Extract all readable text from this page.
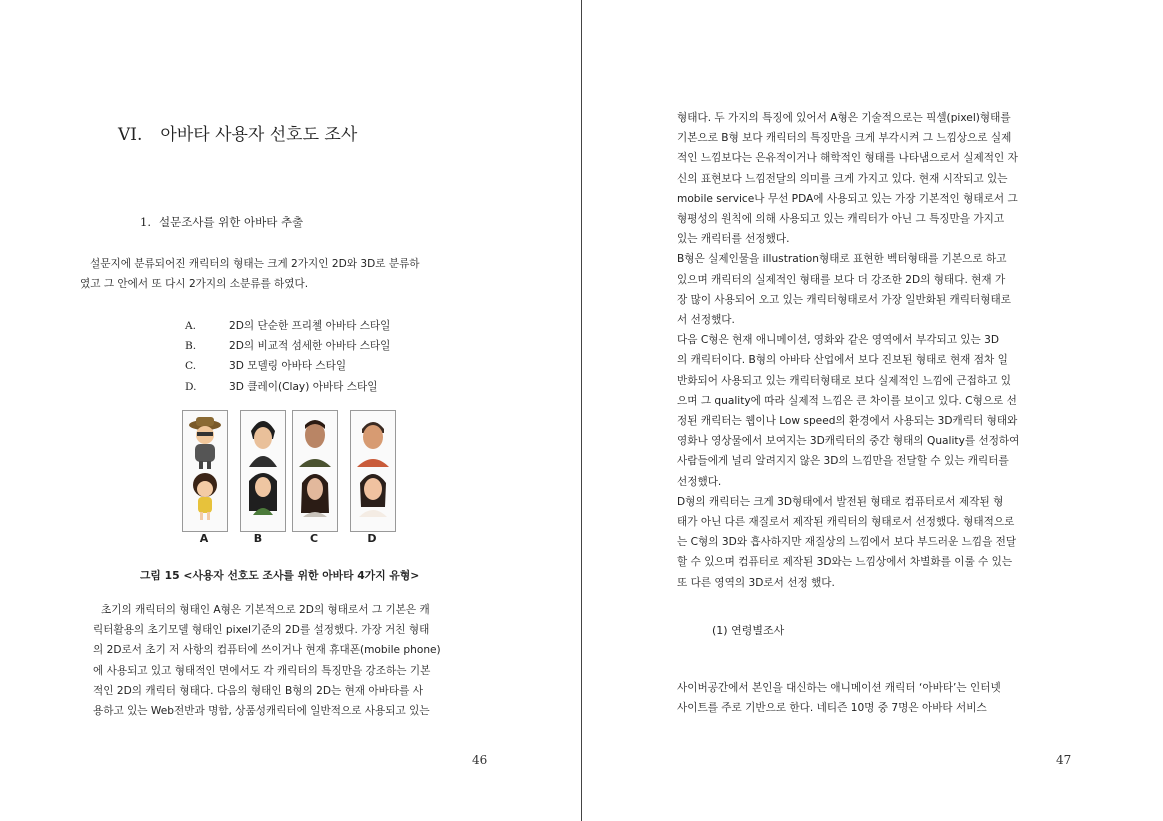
VI. 아바타 사용자 선호도 조사
1. 설문조사를 위한 아바타 추출

설문지에 분류되어진 캐릭터의 형태는 크게 2가지인 2D와 3D로 분류하

였고 그 안에서 또 다시 2가지의 소분류를 하였다.

A.	2D의 단순한 프리첼 아바타 스타일
B.	2D의 비교적 섬세한 아바타 스타일
C.	3D 모델링 아바타 스타일
D.	3D 클레이(Clay) 아바타 스타일
A	B	C	D
그림 15 <사용자 선호도 조사를 위한 아바타 4가지 유형>

초기의 캐릭터의 형태인 A형은 기본적으로 2D의 형태로서 그 기본은 캐

릭터활용의 초기모델 형태인 pixel기준의 2D를 설정했다. 가장 거친 형태

의 2D로서 초기 저 사항의 컴퓨터에 쓰이거나 현재 휴대폰(mobile phone)

에 사용되고 있고 형태적인 면에서도 각 캐릭터의 특징만을 강조하는 기본

적인 2D의 캐릭터 형태다. 다음의 형태인 B형의 2D는 현재 아바타를 사

용하고 있는 Web전반과 명함, 상품성캐릭터에 일반적으로 사용되고 있는

46

형태다. 두 가지의 특징에 있어서 A형은 기술적으로는 픽셀(pixel)형태를

기본으로 B형 보다 캐릭터의 특징만을 크게 부각시켜 그 느낌상으로 실제

적인 느낌보다는 은유적이거나 해학적인 형태를 나타냄으로서 실제적인 자

신의 표현보다 느낌전달의 의미를 크게 가지고 있다. 현재 시작되고 있는

mobile service나 무선 PDA에 사용되고 있는 가장 기본적인 형태로서 그

형평성의 원칙에 의해 사용되고 있는 캐릭터가 아닌 그 특징만을 가지고

있는 캐릭터를 선정했다.

B형은 실제인물을 illustration형태로 표현한 벡터형태를 기본으로 하고

있으며 캐릭터의 실제적인 형태를 보다 더 강조한 2D의 형태다. 현재 가

장 많이 사용되어 오고 있는 캐릭터형태로서 가장 일반화된 캐릭터형태로

서 선정했다.

다음 C형은 현재 애니메이션, 영화와 같은 영역에서 부각되고 있는 3D

의 캐릭터이다. B형의 아바타 산업에서 보다 진보된 형태로 현재 점차 일

반화되어 사용되고 있는 캐릭터형태로 보다 실제적인 느낌에 근접하고 있

으며 그 quality에 따라 실제적 느낌은 큰 차이를 보이고 있다. C형으로 선

정된 캐릭터는 웹이나 Low speed의 환경에서 사용되는 3D캐릭터 형태와

영화나 영상물에서 보여지는 3D캐릭터의 중간 형태의 Quality를 선정하여

사람들에게 널리 알려지지 않은 3D의 느낌만을 전달할 수 있는 캐릭터를

선정했다.

D형의 캐릭터는 크게 3D형태에서 발전된 형태로 컴퓨터로서 제작된 형

태가 아닌 다른 재질로서 제작된 캐릭터의 형태로서 선정했다. 형태적으로

는 C형의 3D와 흡사하지만 재질상의 느낌에서 보다 부드러운 느낌을 전달

할 수 있으며 컴퓨터로 제작된 3D와는 느낌상에서 차별화를 이룰 수 있는

또 다른 영역의 3D로서 선정 했다.

(1) 연령별조사

사이버공간에서 본인을 대신하는 애니메이션 캐릭터 ‘아바타’는 인터넷

사이트를 주로 기반으로 한다. 네티즌 10명 중 7명은 아바타 서비스

47
